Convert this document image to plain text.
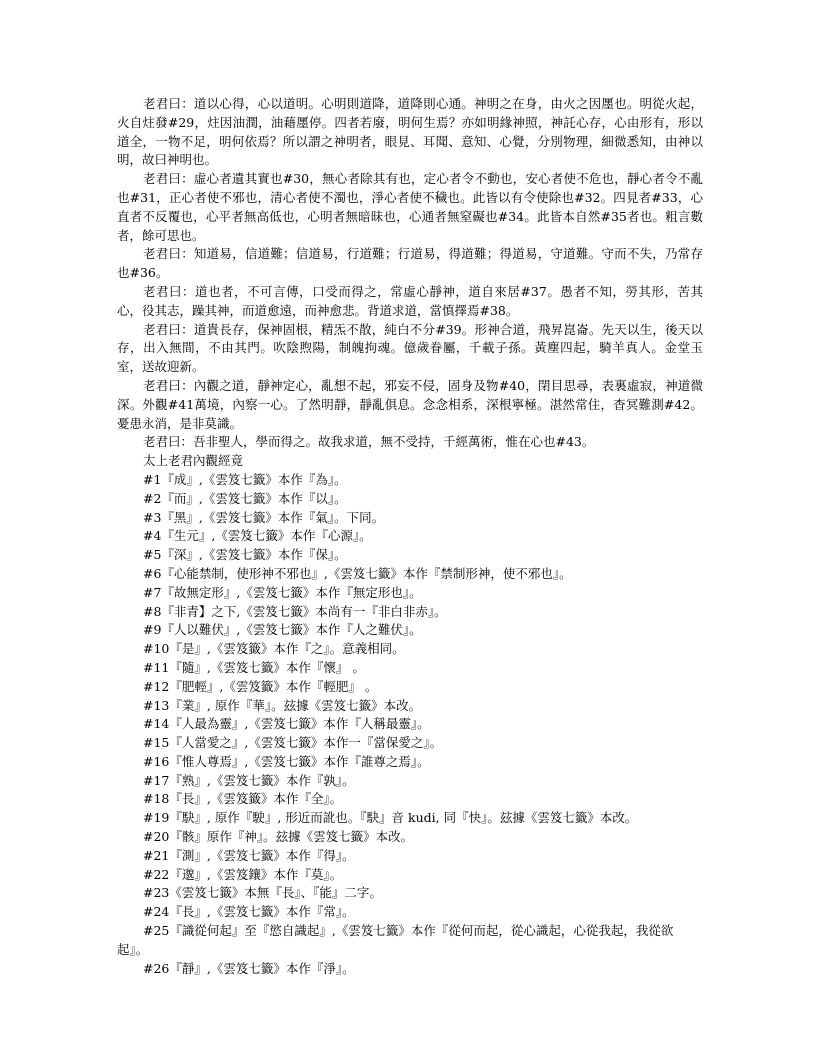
老君曰：道以心得，心以道明。心明則道降，道降則心通。神明之在身，由火之因㕓也。明從火起，火自炷發#29，炷因油潤，油藉㕓停。四者若廢，明何生焉？亦如明緣神照，神託心存，心由形有，形以道全，一物不足，明何依焉？所以謂之神明者，眼見、耳聞、意知、心覺，分別物理，細微悉知，由神以明，故曰神明也。

老君曰：虛心者遺其實也#30，無心者除其有也，定心者令不動也，安心者使不危也，靜心者令不亂也#31，正心者使不邪也，清心者使不濁也，淨心者使不穢也。此皆以有令使除也#32。四見者#33，心直者不反覆也，心平者無高低也，心明者無暗昧也，心通者無窒礙也#34。此皆本自然#35者也。粗言數者，餘可思也。

老君曰：知道易，信道難；信道易，行道難；行道易，得道難；得道易，守道難。守而不失，乃常存也#36。

老君曰：道也者，不可言傳，口受而得之，常虛心靜神，道自來居#37。愚者不知，勞其形，苦其心，役其志，躁其神，而道愈遠，而神愈悲。背道求道，當慎擇焉#38。

老君曰：道貴長存，保神固根，精炁不散，純白不分#39。形神合道，飛昇崑崙。先天以生，後天以存，出入無間，不由其門。吹陰煦陽，制魄拘魂。億歲眷屬，千載子孫。黃塵四起，騎羊真人。金堂玉室，送故迎新。

老君曰：內觀之道，靜神定心，亂想不起，邪妄不侵，固身及物#40，閉目思尋，表裏虛寂，神道微深。外觀#41萬境，內察一心。了然明靜，靜亂俱息。念念相系，深根寧極。湛然常住，杳冥難測#42。憂患永消，是非莫識。

老君曰：吾非聖人，學而得之。故我求道，無不受持，千經萬術，惟在心也#43。

太上老君內觀經竟

#1『成』,《雲笈七籤》本作『為』。

#2『而』,《雲笈七籤》本作『以』。

#3『黑』,《雲笈七籤》本作『氣』。下同。

#4『生元』,《雲笈七籤》本作『心源』。

#5『深』,《雲笈七籤》本作『保』。

#6『心能禁制，使形神不邪也』,《雲笈七籤》本作『禁制形神，使不邪也』。

#7『故無定形』,《雲笈七籤》本作『無定形也』。

#8『非青】之下,《雲笈七籤》本尚有一『非白非赤』。

#9『人以難伏』,《雲笈七籤》本作『人之難伏』。

#10『是』,《雲笈籤》本作『之』。意義相同。

#11『隨』,《雲笈七籤》本作『懷』 。

#12『肥輕』,《雲笈籤》本作『輕肥』 。

#13『業』, 原作『華』。玆據《雲笈七籤》本改。

#14『人最為靈』,《雲笈七籤》本作『人稱最靈』。

#15『人當愛之』,《雲笈七籤》本作一『當保愛之』。

#16『惟人尊焉』,《雲笈七籤》本作『誰尊之焉』。

#17『熟』,《雲笈七籤》本作『孰』。

#18『長』,《雲笈籤》本作『全』。

#19『駃』, 原作『駛』, 形近而訛也。『駃』音 kudi, 同『快』。玆據《雲笈七籤》本改。

#20『骸』原作『神』。玆據《雲笈七籤》本改。

#21『測』,《雲笈七籤》本作『得』。

#22『邈』,《雲笈鑲》本作『莫』。

#23《雲笈七籤》本無『長』、『能』二字。

#24『長』,《雲笈七籤》本作『常』。

#25『識從何起』至『慾自識起』,《雲笈七籤》本作『從何而起，從心識起，心從我起，我從欲起』。

#26『靜』,《雲笈七籤》本作『淨』。
